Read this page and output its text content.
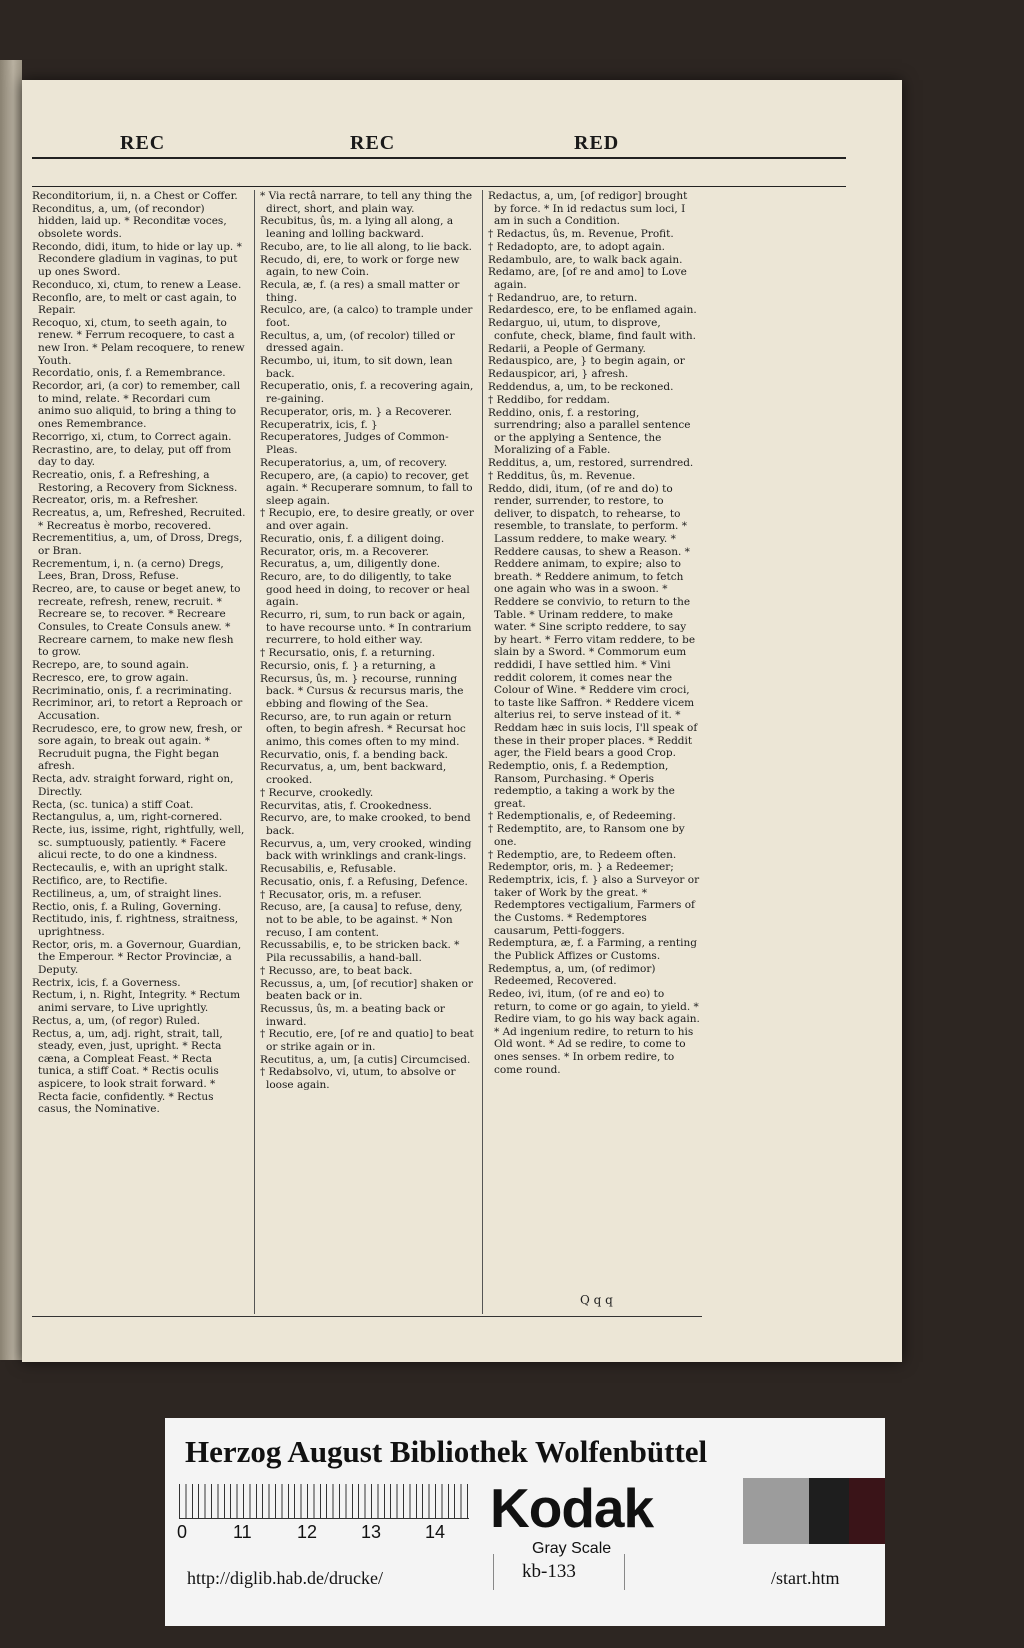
REC	REC	RED

Reconditorium, ii, n. a Chest or Coffer.

Reconditus, a, um, (of recondor) hidden, laid up. * Reconditæ voces, obsolete words.

Recondo, didi, itum, to hide or lay up. * Recondere gladium in vaginas, to put up ones Sword.

Reconduco, xi, ctum, to renew a Lease.

Reconflo, are, to melt or cast again, to Repair.

Recoquo, xi, ctum, to seeth again, to renew. * Ferrum recoquere, to cast a new Iron. * Pelam recoquere, to renew Youth.

Recordatio, onis, f. a Remembrance.

Recordor, ari, (a cor) to remember, call to mind, relate. * Recordari cum animo suo aliquid, to bring a thing to ones Remembrance.

Recorrigo, xi, ctum, to Correct again.

Recrastino, are, to delay, put off from day to day.

Recreatio, onis, f. a Refreshing, a Restoring, a Recovery from Sickness.

Recreator, oris, m. a Refresher.

Recreatus, a, um, Refreshed, Recruited. * Recreatus è morbo, recovered.

Recrementitius, a, um, of Dross, Dregs, or Bran.

Recrementum, i, n. (a cerno) Dregs, Lees, Bran, Dross, Refuse.

Recreo, are, to cause or beget anew, to recreate, refresh, renew, recruit. * Recreare se, to recover. * Recreare Consules, to Create Consuls anew. * Recreare carnem, to make new flesh to grow.

Recrepo, are, to sound again.

Recresco, ere, to grow again.

Recriminatio, onis, f. a recriminating.

Recriminor, ari, to retort a Reproach or Accusation.

Recrudesco, ere, to grow new, fresh, or sore again, to break out again. * Recruduit pugna, the Fight began afresh.

Recta, adv. straight forward, right on, Directly.

Recta, (sc. tunica) a stiff Coat.

Rectangulus, a, um, right-cornered.

Recte, ius, issime, right, rightfully, well, sc. sumptuously, patiently. * Facere alicui recte, to do one a kindness.

Rectecaulis, e, with an upright stalk.

Rectifico, are, to Rectifie.

Rectilineus, a, um, of straight lines.

Rectio, onis, f. a Ruling, Governing.

Rectitudo, inis, f. rightness, straitness, uprightness.

Rector, oris, m. a Governour, Guardian, the Emperour. * Rector Provinciæ, a Deputy.

Rectrix, icis, f. a Governess.

Rectum, i, n. Right, Integrity. * Rectum animi servare, to Live uprightly.

Rectus, a, um, (of regor) Ruled.

Rectus, a, um, adj. right, strait, tall, steady, even, just, upright. * Recta cæna, a Compleat Feast. * Recta tunica, a stiff Coat. * Rectis oculis aspicere, to look strait forward. * Recta facie, confidently. * Rectus casus, the Nominative.

* Via rectâ narrare, to tell any thing the direct, short, and plain way.

Recubitus, ûs, m. a lying all along, a leaning and lolling backward.

Recubo, are, to lie all along, to lie back.

Recudo, di, ere, to work or forge new again, to new Coin.

Recula, æ, f. (a res) a small matter or thing.

Reculco, are, (a calco) to trample under foot.

Recultus, a, um, (of recolor) tilled or dressed again.

Recumbo, ui, itum, to sit down, lean back.

Recuperatio, onis, f. a recovering again, re-gaining.

Recuperator, oris, m. } a Recoverer.

Recuperatrix, icis, f. }

Recuperatores, Judges of Common-Pleas.

Recuperatorius, a, um, of recovery.

Recupero, are, (a capio) to recover, get again. * Recuperare somnum, to fall to sleep again.

† Recupio, ere, to desire greatly, or over and over again.

Recuratio, onis, f. a diligent doing.

Recurator, oris, m. a Recoverer.

Recuratus, a, um, diligently done.

Recuro, are, to do diligently, to take good heed in doing, to recover or heal again.

Recurro, ri, sum, to run back or again, to have recourse unto. * In contrarium recurrere, to hold either way.

† Recursatio, onis, f. a returning.

Recursio, onis, f. } a returning, a

Recursus, ûs, m. } recourse, running back. * Cursus & recursus maris, the ebbing and flowing of the Sea.

Recurso, are, to run again or return often, to begin afresh. * Recursat hoc animo, this comes often to my mind.

Recurvatio, onis, f. a bending back.

Recurvatus, a, um, bent backward, crooked.

† Recurve, crookedly.

Recurvitas, atis, f. Crookedness.

Recurvo, are, to make crooked, to bend back.

Recurvus, a, um, very crooked, winding back with wrinklings and crank-lings.

Recusabilis, e, Refusable.

Recusatio, onis, f. a Refusing, Defence.

† Recusator, oris, m. a refuser.

Recuso, are, [a causa] to refuse, deny, not to be able, to be against. * Non recuso, I am content.

Recussabilis, e, to be stricken back. * Pila recussabilis, a hand-ball.

† Recusso, are, to beat back.

Recussus, a, um, [of recutior] shaken or beaten back or in.

Recussus, ûs, m. a beating back or inward.

† Recutio, ere, [of re and quatio] to beat or strike again or in.

Recutitus, a, um, [a cutis] Circumcised.

† Redabsolvo, vi, utum, to absolve or loose again.

Redactus, a, um, [of redigor] brought by force. * In id redactus sum loci, I am in such a Condition.

† Redactus, ûs, m. Revenue, Profit.

† Redadopto, are, to adopt again.

Redambulo, are, to walk back again.

Redamo, are, [of re and amo] to Love again.

† Redandruo, are, to return.

Redardesco, ere, to be enflamed again.

Redarguo, ui, utum, to disprove, confute, check, blame, find fault with.

Redarii, a People of Germany.

Redauspico, are, } to begin again, or

Redauspicor, ari, } afresh.

Reddendus, a, um, to be reckoned.

† Reddibo, for reddam.

Reddino, onis, f. a restoring, surrendring; also a parallel sentence or the applying a Sentence, the Moralizing of a Fable.

Redditus, a, um, restored, surrendred.

† Redditus, ûs, m. Revenue.

Reddo, didi, itum, (of re and do) to render, surrender, to restore, to deliver, to dispatch, to rehearse, to resemble, to translate, to perform. * Lassum reddere, to make weary. * Reddere causas, to shew a Reason. * Reddere animam, to expire; also to breath. * Reddere animum, to fetch one again who was in a swoon. * Reddere se convivio, to return to the Table. * Urinam reddere, to make water. * Sine scripto reddere, to say by heart. * Ferro vitam reddere, to be slain by a Sword. * Commorum eum reddidi, I have settled him. * Vini reddit colorem, it comes near the Colour of Wine. * Reddere vim croci, to taste like Saffron. * Reddere vicem alterius rei, to serve instead of it. * Reddam hæc in suis locis, I'll speak of these in their proper places. * Reddit ager, the Field bears a good Crop.

Redemptio, onis, f. a Redemption, Ransom, Purchasing. * Operis redemptio, a taking a work by the great.

† Redemptionalis, e, of Redeeming.

† Redemptito, are, to Ransom one by one.

† Redemptio, are, to Redeem often.

Redemptor, oris, m. } a Redeemer;

Redemptrix, icis, f. } also a Surveyor or taker of Work by the great. * Redemptores vectigalium, Farmers of the Customs. * Redemptores causarum, Petti-foggers.

Redemptura, æ, f. a Farming, a renting the Publick Affizes or Customs.

Redemptus, a, um, (of redimor) Redeemed, Recovered.

Redeo, ivi, itum, (of re and eo) to return, to come or go again, to yield. * Redire viam, to go his way back again. * Ad ingenium redire, to return to his Old wont. * Ad se redire, to come to ones senses. * In orbem redire, to come round.

Q q q
Herzog August Bibliothek Wolfenbüttel
0	11	12 13 14 Kodak
Gray Scale
http://diglib.hab.de/drucke/	kb-133	/start.htm
